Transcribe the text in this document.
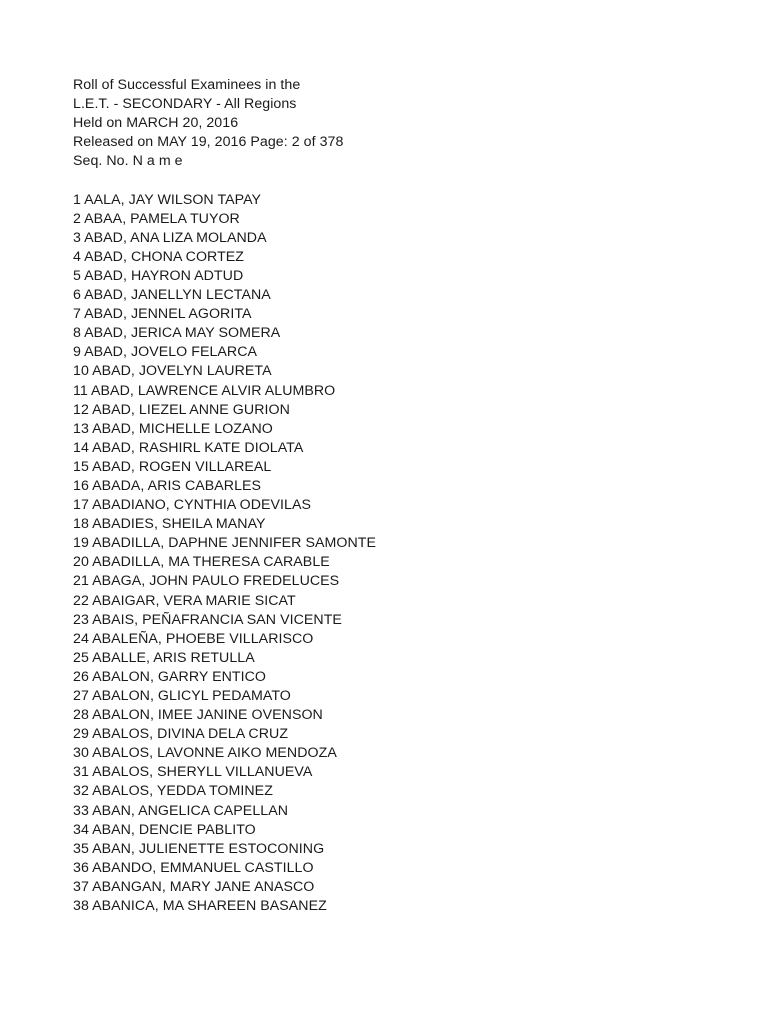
Roll of Successful Examinees in the
L.E.T. - SECONDARY - All Regions
Held on MARCH 20, 2016
Released on MAY 19, 2016 Page: 2 of 378
Seq. No. N a m e
1 AALA, JAY WILSON TAPAY
2 ABAA, PAMELA TUYOR
3 ABAD, ANA LIZA MOLANDA
4 ABAD, CHONA CORTEZ
5 ABAD, HAYRON ADTUD
6 ABAD, JANELLYN LECTANA
7 ABAD, JENNEL AGORITA
8 ABAD, JERICA MAY SOMERA
9 ABAD, JOVELO FELARCA
10 ABAD, JOVELYN LAURETA
11 ABAD, LAWRENCE ALVIR ALUMBRO
12 ABAD, LIEZEL ANNE GURION
13 ABAD, MICHELLE LOZANO
14 ABAD, RASHIRL KATE DIOLATA
15 ABAD, ROGEN VILLAREAL
16 ABADA, ARIS CABARLES
17 ABADIANO, CYNTHIA ODEVILAS
18 ABADIES, SHEILA MANAY
19 ABADILLA, DAPHNE JENNIFER SAMONTE
20 ABADILLA, MA THERESA CARABLE
21 ABAGA, JOHN PAULO FREDELUCES
22 ABAIGAR, VERA MARIE SICAT
23 ABAIS, PEÑAFRANCIA SAN VICENTE
24 ABALEÑA, PHOEBE VILLARISCO
25 ABALLE, ARIS RETULLA
26 ABALON, GARRY ENTICO
27 ABALON, GLICYL PEDAMATO
28 ABALON, IMEE JANINE OVENSON
29 ABALOS, DIVINA DELA CRUZ
30 ABALOS, LAVONNE AIKO MENDOZA
31 ABALOS, SHERYLL VILLANUEVA
32 ABALOS, YEDDA TOMINEZ
33 ABAN, ANGELICA CAPELLAN
34 ABAN, DENCIE PABLITO
35 ABAN, JULIENETTE ESTOCONING
36 ABANDO, EMMANUEL CASTILLO
37 ABANGAN, MARY JANE ANASCO
38 ABANICA, MA SHAREEN BASANEZ
